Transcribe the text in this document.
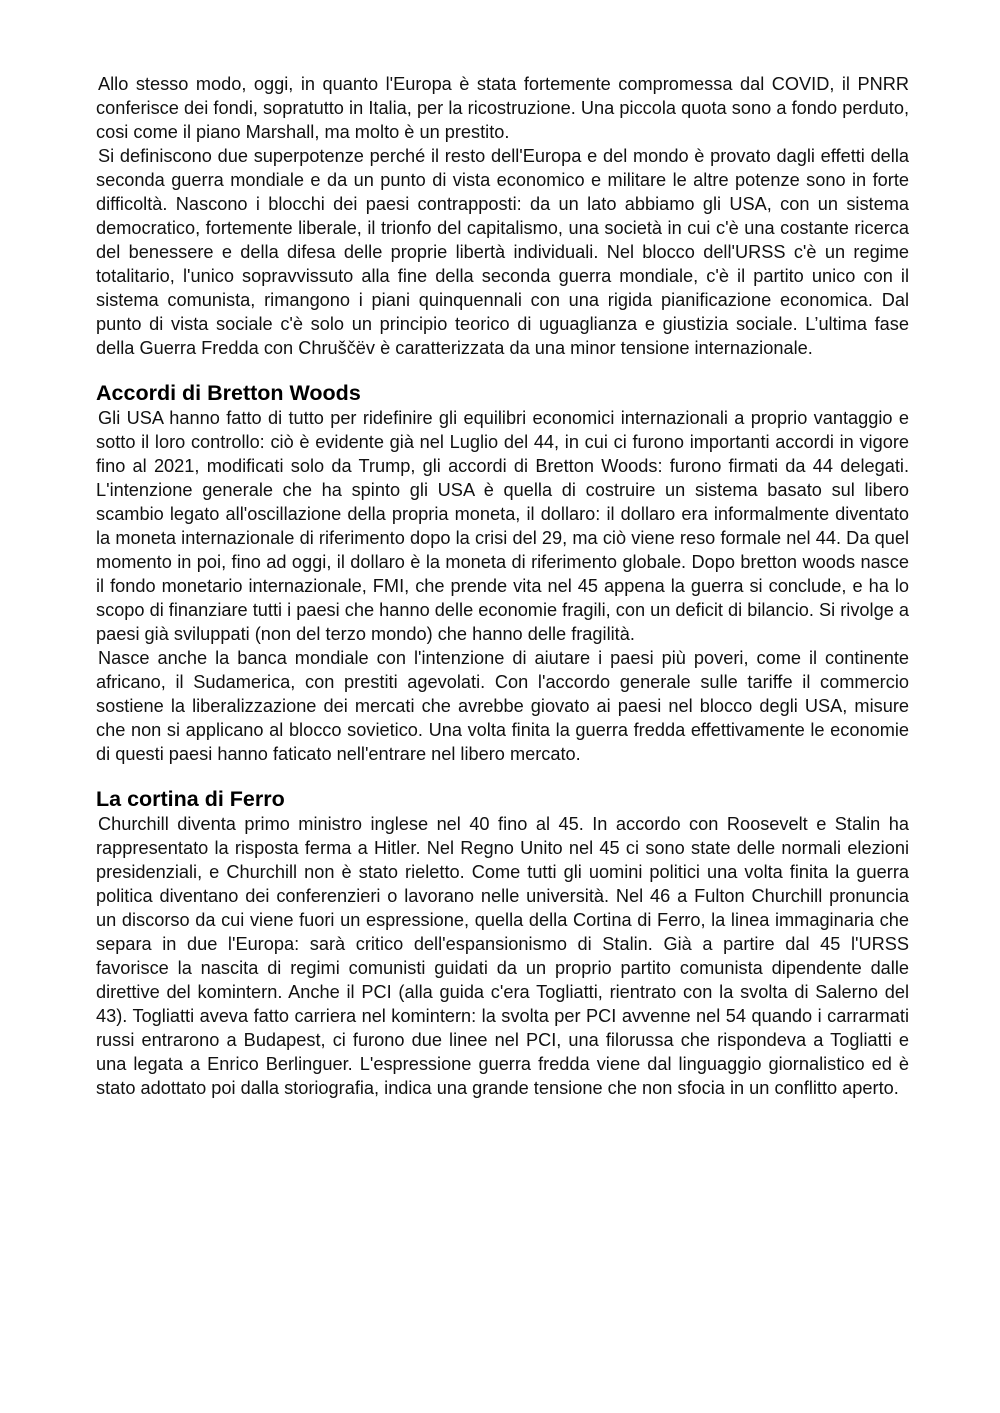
Allo stesso modo, oggi, in quanto l'Europa è stata fortemente compromessa dal COVID, il PNRR conferisce dei fondi, sopratutto in Italia, per la ricostruzione. Una piccola quota sono a fondo perduto, cosi come il piano Marshall, ma molto è un prestito.

Si definiscono due superpotenze perché il resto dell'Europa e del mondo è provato dagli effetti della seconda guerra mondiale e da un punto di vista economico e militare le altre potenze sono in forte difficoltà. Nascono i blocchi dei paesi contrapposti: da un lato abbiamo gli USA, con un sistema democratico, fortemente liberale, il trionfo del capitalismo, una società in cui c'è una costante ricerca del benessere e della difesa delle proprie libertà individuali. Nel blocco dell'URSS c'è un regime totalitario, l'unico sopravvissuto alla fine della seconda guerra mondiale, c'è il partito unico con il sistema comunista, rimangono i piani quinquennali con una rigida pianificazione economica. Dal punto di vista sociale c'è solo un principio teorico di uguaglianza e giustizia sociale. L’ultima fase della Guerra Fredda con Chruščëv è caratterizzata da una minor tensione internazionale.

Accordi di Bretton Woods

Gli USA hanno fatto di tutto per ridefinire gli equilibri economici internazionali a proprio vantaggio e sotto il loro controllo: ciò è evidente già nel Luglio del 44, in cui ci furono importanti accordi in vigore fino al 2021, modificati solo da Trump, gli accordi di Bretton Woods: furono firmati da 44 delegati. L'intenzione generale che ha spinto gli USA è quella di costruire un sistema basato sul libero scambio legato all'oscillazione della propria moneta, il dollaro: il dollaro era informalmente diventato la moneta internazionale di riferimento dopo la crisi del 29, ma ciò viene reso formale nel 44. Da quel momento in poi, fino ad oggi, il dollaro è la moneta di riferimento globale. Dopo bretton woods nasce il fondo monetario internazionale, FMI, che prende vita nel 45 appena la guerra si conclude, e ha lo scopo di finanziare tutti i paesi che hanno delle economie fragili, con un deficit di bilancio. Si rivolge a paesi già sviluppati (non del terzo mondo) che hanno delle fragilità.

Nasce anche la banca mondiale con l'intenzione di aiutare i paesi più poveri, come il continente africano, il Sudamerica, con prestiti agevolati. Con l'accordo generale sulle tariffe il commercio sostiene la liberalizzazione dei mercati che avrebbe giovato ai paesi nel blocco degli USA, misure che non si applicano al blocco sovietico. Una volta finita la guerra fredda effettivamente le economie di questi paesi hanno faticato nell'entrare nel libero mercato.

La cortina di Ferro

Churchill diventa primo ministro inglese nel 40 fino al 45. In accordo con Roosevelt e Stalin ha rappresentato la risposta ferma a Hitler. Nel Regno Unito nel 45 ci sono state delle normali elezioni presidenziali, e Churchill non è stato rieletto. Come tutti gli uomini politici una volta finita la guerra politica diventano dei conferenzieri o lavorano nelle università. Nel 46 a Fulton Churchill pronuncia un discorso da cui viene fuori un espressione, quella della Cortina di Ferro, la linea immaginaria che separa in due l'Europa: sarà critico dell'espansionismo di Stalin. Già a partire dal 45 l'URSS favorisce la nascita di regimi comunisti guidati da un proprio partito comunista dipendente dalle direttive del komintern. Anche il PCI (alla guida c'era Togliatti, rientrato con la svolta di Salerno del 43). Togliatti aveva fatto carriera nel komintern: la svolta per PCI avvenne nel 54 quando i carrarmati russi entrarono a Budapest, ci furono due linee nel PCI, una filorussa che rispondeva a Togliatti e una legata a Enrico Berlinguer. L'espressione guerra fredda viene dal linguaggio giornalistico ed è stato adottato poi dalla storiografia, indica una grande tensione che non sfocia in un conflitto aperto.
